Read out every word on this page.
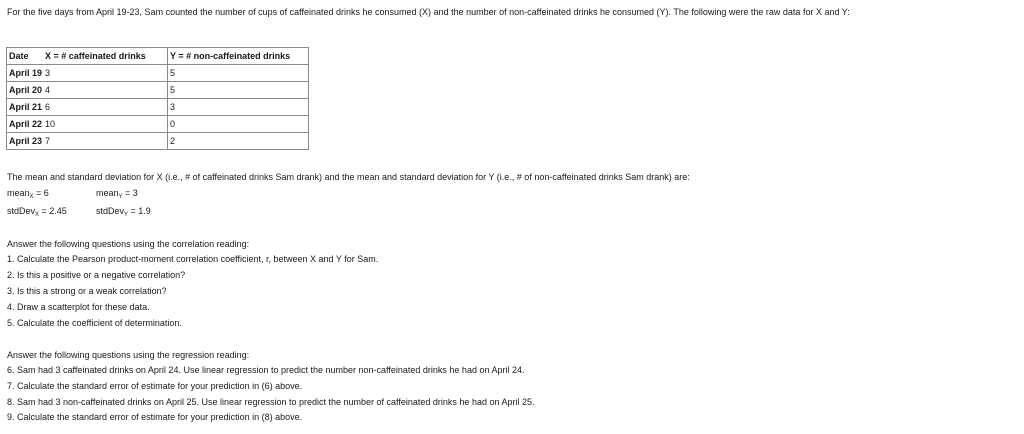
For the five days from April 19-23, Sam counted the number of cups of caffeinated drinks he consumed (X) and the number of non-caffeinated drinks he consumed (Y). The following were the raw data for X and Y:
Date	X = # caffeinated drinks	Y = # non-caffeinated drinks
April 19	3	5
April 20	4	5
April 21	6	3
April 22	10	0
April 23	7	2
The mean and standard deviation for X (i.e., # of caffeinated drinks Sam drank) and the mean and standard deviation for Y (i.e., # of non-caffeinated drinks Sam drank) are:
mean$_X$ = 6	mean$_Y$ = 3
stdDev$_X$ = 2.45	stdDev$_Y$ = 1.9
Answer the following questions using the correlation reading:
1. Calculate the Pearson product-moment correlation coefficient, r, between X and Y for Sam.
2. Is this a positive or a negative correlation?
3. Is this a strong or a weak correlation?
4. Draw a scatterplot for these data.
5. Calculate the coefficient of determination.
Answer the following questions using the regression reading:
6. Sam had 3 caffeinated drinks on April 24. Use linear regression to predict the number non-caffeinated drinks he had on April 24.
7. Calculate the standard error of estimate for your prediction in (6) above.
8. Sam had 3 non-caffeinated drinks on April 25. Use linear regression to predict the number of caffeinated drinks he had on April 25.
9. Calculate the standard error of estimate for your prediction in (8) above.
